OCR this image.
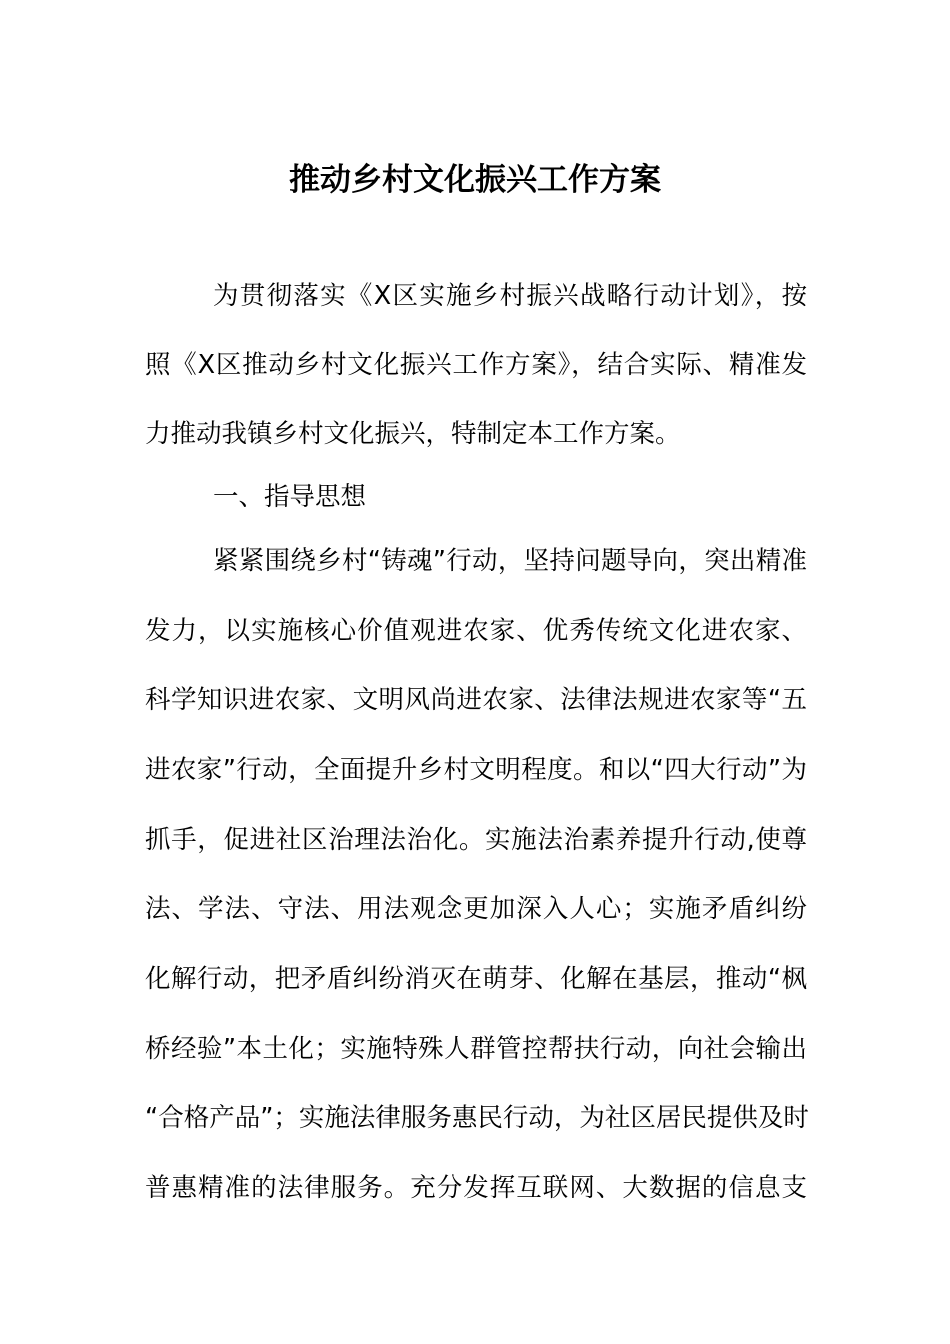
推动乡村文化振兴工作方案

为贯彻落实《X区实施乡村振兴战略行动计划》，按

照《X区推动乡村文化振兴工作方案》，结合实际、精准发

力推动我镇乡村文化振兴，特制定本工作方案。

一、指导思想

紧紧围绕乡村“铸魂”行动，坚持问题导向，突出精准

发力，以实施核心价值观进农家、优秀传统文化进农家、

科学知识进农家、文明风尚进农家、法律法规进农家等“五

进农家”行动，全面提升乡村文明程度。和以“四大行动”为

抓手，促进社区治理法治化。实施法治素养提升行动,使尊

法、学法、守法、用法观念更加深入人心；实施矛盾纠纷

化解行动，把矛盾纠纷消灭在萌芽、化解在基层，推动“枫

桥经验”本土化；实施特殊人群管控帮扶行动，向社会输出

“合格产品”；实施法律服务惠民行动，为社区居民提供及时

普惠精准的法律服务。充分发挥互联网、大数据的信息支
